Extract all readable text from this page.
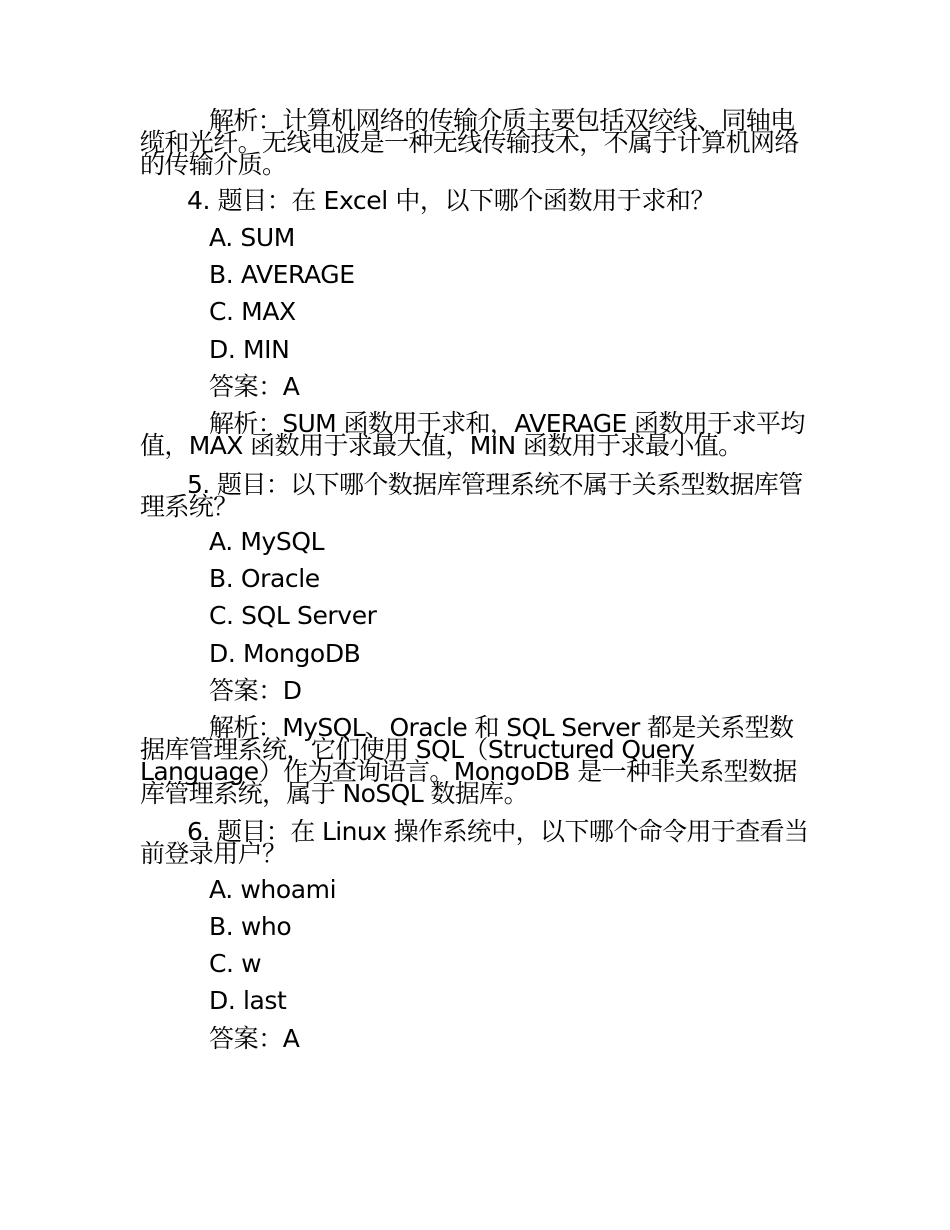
解析：计算机网络的传输介质主要包括双绞线、同轴电缆和光纤。无线电波是一种无线传输技术，不属于计算机网络的传输介质。
4. 题目：在 Excel 中，以下哪个函数用于求和？
A. SUM
B. AVERAGE
C. MAX
D. MIN
答案：A
解析：SUM 函数用于求和，AVERAGE 函数用于求平均值，MAX 函数用于求最大值，MIN 函数用于求最小值。
5. 题目：以下哪个数据库管理系统不属于关系型数据库管理系统？
A. MySQL
B. Oracle
C. SQL Server
D. MongoDB
答案：D
解析：MySQL、Oracle 和 SQL Server 都是关系型数据库管理系统，它们使用 SQL（Structured Query Language）作为查询语言。MongoDB 是一种非关系型数据库管理系统，属于 NoSQL 数据库。
6. 题目：在 Linux 操作系统中，以下哪个命令用于查看当前登录用户？
A. whoami
B. who
C. w
D. last
答案：A
